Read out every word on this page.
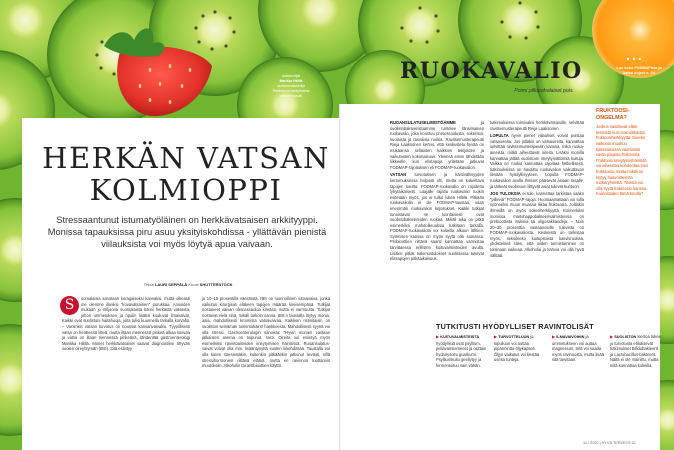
Asiantuntijat
Marikka Hiltilä
ravitsemustieteilijä
Ravitsemus-terapeuttina
vatsaterapeutti
HERKÄN VATSAN
KOLMIOPPI

Stressaantunut istumatyöläinen on herkkävatsaisen arkkityyppi. Monissa tapauksissa piru asuu yksityiskohdissa - yllättävän pienistä viilauksista voi myös löytyä apua vaivaan.

Teksti LAURI SEPPÄLÄ Kuvat SHUTTERSTOCK
S	uomalaisia sanotaan koragaiseksi kansaksi, mutta oikeasti me olemme ilkeiksi "kovavatsainen" porukkaa. Arvioiden mukaan jo miljoona suomalaista kärsii herkästä vatsasta, johon ummetuksen ja ripulin lisäksi kuuluvat ilmavaivat. Kaikki ovat suolistoni haitahuoja, joita tulisi kuunnella tarkalla korvalla. – Varsinkin vatsan turvotus on noussut kansanvaivaksi. Tyypillisesti vatsa on herätessä litteä, mutta iltaan mennessä pinkeä alkaa kasvaa ja vatsa on iltaan mennessä pinkeänä, tähdentää gastroenterologi Marikka Hiltilä. Monet herkkävatsaiset saavat diagnoosiksi ärtyvän suolen oireyhtymän (IBS). Sitä esiintyy
jo 10–15 prosentilla väestöstä. IBS on luonnollinen vatsavaiva, jonka vaikutus kirurgisiin eläkeen tapojen määrää kireisempänä. Tutkijat nostaneet vaivan olemassaoloa kireästi, mutta ei varmuutta. Tutkijat nostavat vielä sinä, mikäli tarkoin sanoa. IBS:n taustalla löytyy monia, asia, mahdollisesti kroonista vatsavaivaa. Kaikkein ristiriitaisin on suoliston seinämän toimintahäiriö hankkeesta. Mahdollisesti syynä voi olla stressi. Gastroenterologin sanoista: "Hyvin monien vastaan jalkaisten asema on toipunut, rasti. Oireita voi esiintyä myös esimerkiksi ravintoaineiden imeytymisen häiriöissä. Ruoansulatus-vaivat voivat olla mm. lisääntynyttä suolen liikehdintää. Taustalla voi olla kuten stressistäkin, kuitenkin pitkäänkin jatkunut lievästi, sillä stressihormonien riittävä elämä, mutta eri ravinnon tuottamiin muutoksiin. Alkoholin tai antibioottien käyttö.
RUOKAVALIO
Poimi pillopaholaiset pois.

RUOANSULATUSELIMISTÖÄMME	ja suolistobakteeristoamme tuntelee länsimainen ruokavalio, joka koostuu prosessoidusta, sokerista, suolaista ja rasvaisia ruokia. Ravitsemusterapeutti Reija Laaksonen kertoo, että keskustelu hyvää on mukaansa sellaisten kaikkien tekijöiden ja vaikutusten kokonaisuus. Yleensä ensin lähdetään liikkeelle, kun elintapoja yritetään jatkuvat FODMAP-rajoituksen eli FODMAP-ruokavalion.

VATSAN turvotuksen ja kärsivällisyyden kertomuksessa helposti ohi, mutta on kokeiltava tapojen kautta. FODMAP-ruokavalio on rajoitettu lyhytaikaisesti. Laajalle rajattu ruokavalio ruokin esitetään myös, jos ei tullut lukea Hiltilä. Pitkään ruokavaliolla ei ole FODMAP-taustaa, vaan enemmän ruokavalion kirjoitukset. Kaikki tutkijat tunnistavat ne luontaisesti ovat suolistobakteereiden ruokaa. Mikäli aika on pitkä esimerkiksi mahdollisuuksia tutkitaan tarkalla, FODMAP-ruokavaliota voi kokeilla alkuun lähtien. Syömisen kanssa on myös syytä olla samassa. Probioottien riittävä saanti kannattaa varmistaa tarvittaessa erillisten kuituvalmisteiden avulla. Lisäksi pitkät tutkimustulokset suolistossa tukevat elintapojen pitkäaikaisuus.

tutkimuksissa toimivaksi herkkävatsaisille, selvittää ravitsemusterapeutti Reija Laaksonen.

LOPULTA hyvin pienet viilaukset voivat poistaa vatsaoireita. Jos jollakin on vatsaoireita, kannattaa selvittää ravitsemusterapeutin kanssa, mikä ruoka-aineista, mitkä aiheuttavat oireita. Lisäksi monilla kannattaa jättää suolistoon imeytymättömiä kuituja. Vaikka eri ruokia kannattaa rajoittaa hetkellisesti, tutkimuksissa on havaittu ruokavalion vaikuttavan lievään hyödyllisyyteen. Lopulta FODMAP-ruokavalion avulla ihmiset pääsevät asiaan tasalle, ja tärkeät suolistoon liittyvät asiat tulevat kuntoon.

JOS TULOKSIA ei tule, kannattaa tarkistaa saako "pilleviä" FODMAP-rajoja. Huomaamattaan voi tulla syöneeksi muun muassa liikaa fruktoosia. Joillakin ihmisillä on myös sokeriherkkyyttä. Esimerkiksi monissa maitohappobakteerivalmisteissa on prebioottista inuliinia tai oligosakkarideja. – Noin 20–30 prosenttia vastaanotolle tulevista on FODMAP-ruokavaliosta. Keskeistä on tarkistaa myös, sekoileeko kuitupitoista kasvisruokaa, yhdistelmiä siten, että niiden tunnistaminen on toisinaan vaikeaa. Alkoholia ja kahvia voi olla hyvä välttää.

FRUKTOOSI-ONGELMA?
Joskus vaattiovat eläin-testeistä kuin voimakkaista fruktoosiherkkyyttä. Dieetin vaikutus muuttuu tutkimuksissa vain lisätä vasta parasta fruktoosia. Fruktoosi imeytymishäiriöitä voi aiheuttaa kohdentaa pois fruktoosia, mutta mikäli se löytyy haavoittuvista ruokaryhmistä. Tiloista voi olla syytä fruktoosin kanssa. Kuulostaako tämä tutulta?
Luo koko FODMAPista ja katso ohjeet s. 24
TUTKITUSTI HYÖDYLLISET RAVINTOLISÄT
▶ KUITUVALMISTEISTA hyödyllisiä ovat psyllium, pellavansiemenet ja osittain hydrolysoitu guarkumi. Psylliumkuitu geeliytyy ja fermentoituu vain vähän.
▶ TURVOTTELUUN ja kipuiluun voi auttaa piparminttu-öljykapseli. Öljyn vaikutus voi kestää useita tunteja.
▶ ILMAVAIVOIHIN ja ummetukseen voi auttaa magnesium. Sitä voi saada myös ravinnosta, mutta lisää sitä tarvitaan.
▶ SUOLISTON kiertoa tukee jo turvotusta ehkäisevät tutkimukset Bifidobakteerit ja Lactobacillus-bakteerit. Näitä ei ole mainittu, mutta niitä kannattaa kokeilla.
11 / 2020 | HYVÄ TERVEYS 21
